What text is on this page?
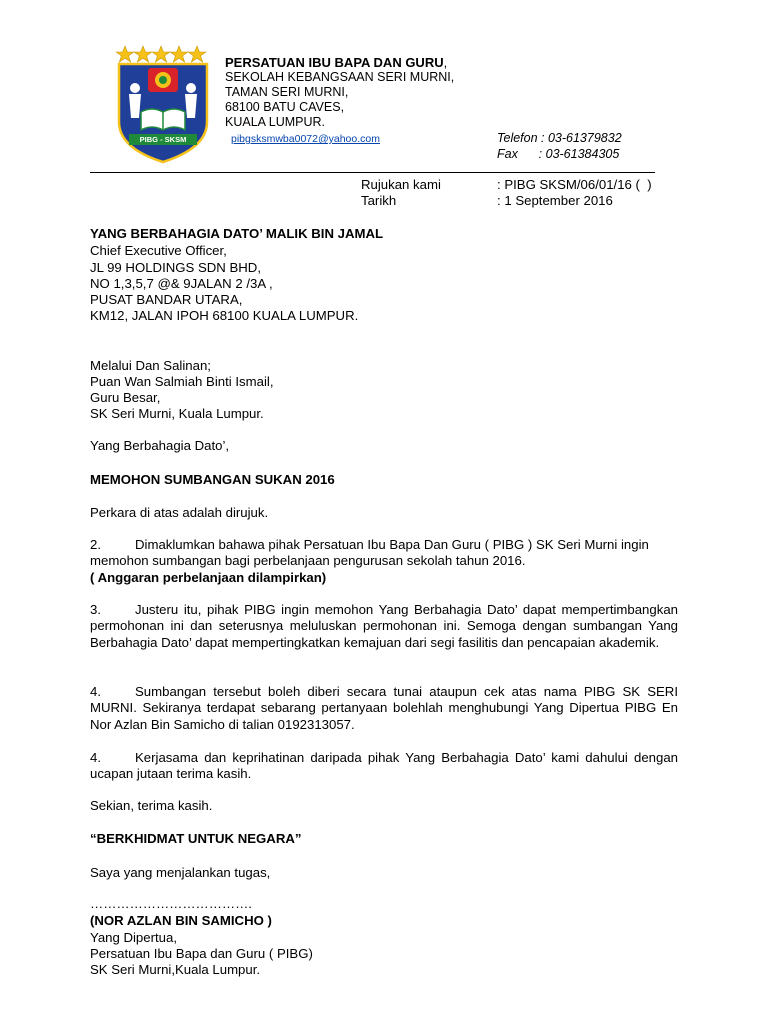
PIBG - SKSM
PERSATUAN IBU BAPA DAN GURU,
SEKOLAH KEBANGSAAN SERI MURNI,
TAMAN SERI MURNI,
68100 BATU CAVES,
KUALA LUMPUR.
pibgsksmwba0072@yahoo.com	Telefon : 03-61379832
Fax      : 03-61384305
Rujukan kami	: PIBG SKSM/06/01/16 (  )
Tarikh	: 1 September 2016
YANG BERBAHAGIA DATO’ MALIK BIN JAMAL
Chief Executive Officer,
JL 99 HOLDINGS SDN BHD,
NO 1,3,5,7 @& 9JALAN 2 /3A ,
PUSAT BANDAR UTARA,
KM12, JALAN IPOH 68100 KUALA LUMPUR.
Melalui Dan Salinan;
Puan Wan Salmiah Binti Ismail,
Guru Besar,
SK Seri Murni, Kuala Lumpur.
Yang Berbahagia Dato’,
MEMOHON SUMBANGAN SUKAN 2016
Perkara di atas adalah dirujuk.
2.	Dimaklumkan bahawa pihak Persatuan Ibu Bapa Dan Guru ( PIBG ) SK Seri Murni ingin
memohon sumbangan bagi perbelanjaan pengurusan sekolah tahun 2016.
( Anggaran perbelanjaan dilampirkan)
3.	Justeru itu, pihak PIBG ingin memohon Yang Berbahagia Dato’ dapat mempertimbangkan permohonan ini dan seterusnya meluluskan permohonan ini. Semoga dengan sumbangan Yang Berbahagia Dato’ dapat mempertingkatkan kemajuan dari segi fasilitis dan pencapaian akademik.
4.	Sumbangan tersebut boleh diberi secara tunai ataupun cek atas nama PIBG SK SERI MURNI. Sekiranya terdapat sebarang pertanyaan bolehlah menghubungi Yang Dipertua PIBG En Nor Azlan Bin Samicho di talian 0192313057.
4.	Kerjasama dan keprihatinan daripada pihak Yang Berbahagia Dato’ kami dahului dengan ucapan jutaan terima kasih.
Sekian, terima kasih.
“BERKHIDMAT UNTUK NEGARA”
Saya yang menjalankan tugas,
……………………………….
(NOR AZLAN BIN SAMICHO )
Yang Dipertua,
Persatuan Ibu Bapa dan Guru ( PIBG)
SK Seri Murni,Kuala Lumpur.
